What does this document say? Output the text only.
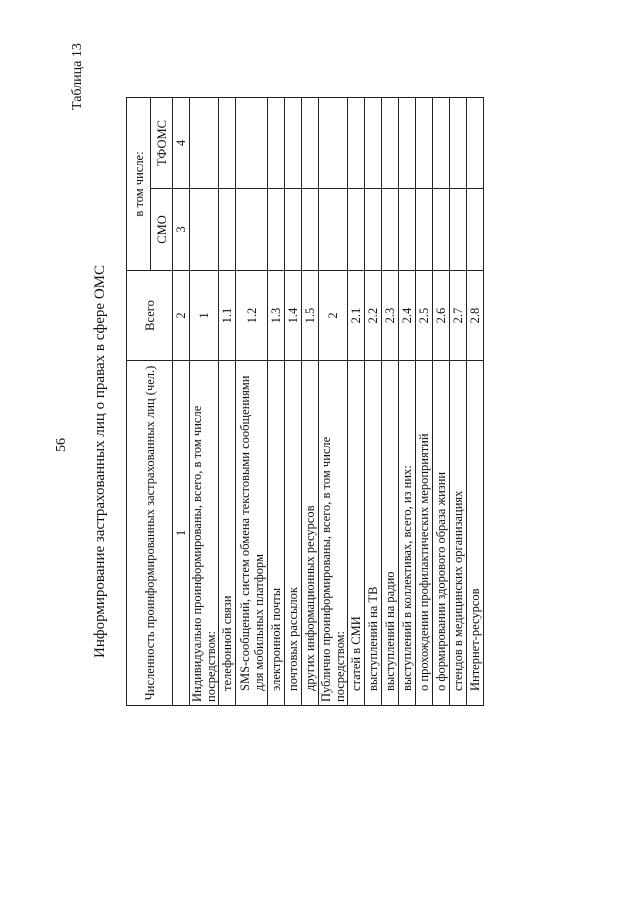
56
Таблица 13
Информирование застрахованных лиц о правах в сфере ОМС	Численность проинформированных застрахованных лиц (чел.)	Всего	в том числе:	
		СМО	ТФОМС
1	2	3	4
Индивидуально проинформированы, всего, в том числе посредством:	1		
телефонной связи	1.1		
SMS-сообщений, систем обмена текстовыми сообщениями для мобильных платформ	1.2		
электронной почты	1.3		
почтовых рассылок	1.4		
других информационных ресурсов	1.5		
Публично проинформированы, всего, в том числе посредством:	2		
статей в СМИ	2.1		
выступлений на ТВ	2.2		
выступлений на радио	2.3		
выступлений в коллективах, всего, из них:	2.4		
о прохождении профилактических мероприятий	2.5		
о формировании здорового образа жизни	2.6		
стендов в медицинских организациях	2.7		
Интернет-ресурсов	2.8		
